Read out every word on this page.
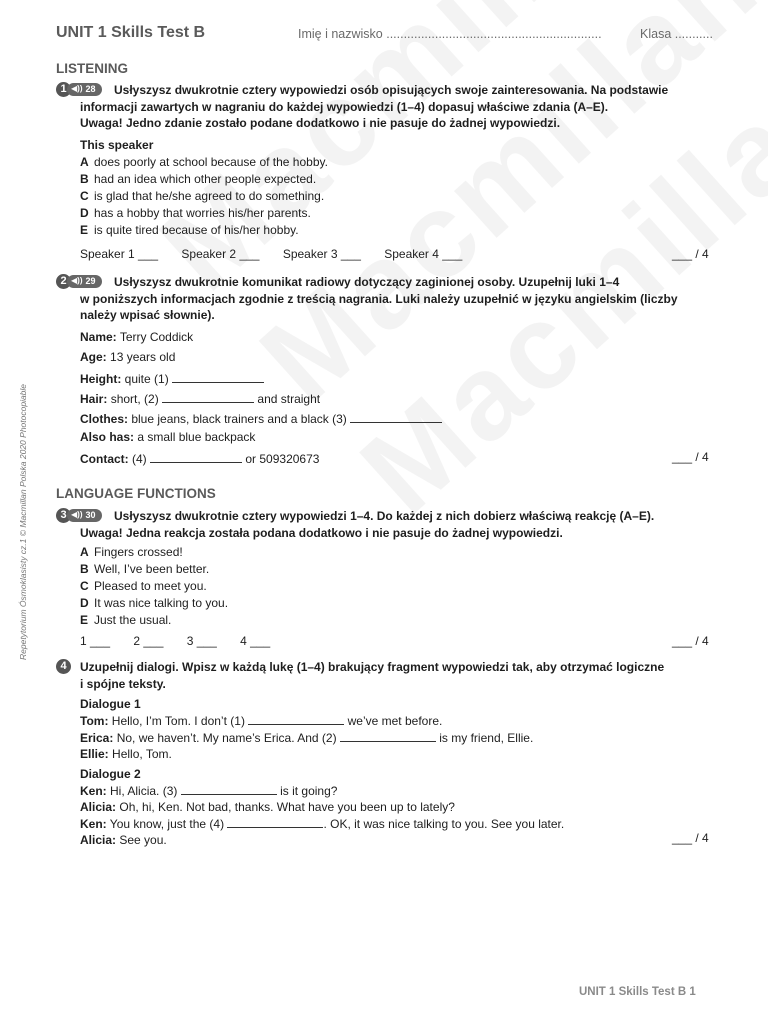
UNIT 1 Skills Test B	Imię i nazwisko ..............................................................	Klasa ...........
LISTENING
1 ◀)) 28 Usłyszysz dwukrotnie cztery wypowiedzi osób opisujących swoje zainteresowania. Na podstawie
informacji zawartych w nagraniu do każdej wypowiedzi (1–4) dopasuj właściwe zdania (A–E).
Uwaga! Jedno zdanie zostało podane dodatkowo i nie pasuje do żadnej wypowiedzi.
This speaker
A does poorly at school because of the hobby.
B had an idea which other people expected.
C is glad that he/she agreed to do something.
D has a hobby that worries his/her parents.
E is quite tired because of his/her hobby.
Speaker 1 ___ Speaker 2 ___ Speaker 3 ___ Speaker 4 ___	___ / 4
2 ◀)) 29 Usłyszysz dwukrotnie komunikat radiowy dotyczący zaginionej osoby. Uzupełnij luki 1–4
w poniższych informacjach zgodnie z treścią nagrania. Luki należy uzupełnić w języku angielskim (liczby
należy wpisać słownie).
Name: Terry Coddick
Age: 13 years old
Height: quite (1)
Hair: short, (2)	and straight
Clothes: blue jeans, black trainers and a black (3)
Also has: a small blue backpack
Contact: (4)	or 509320673	___ / 4
LANGUAGE FUNCTIONS
3 ◀)) 30 Usłyszysz dwukrotnie cztery wypowiedzi 1–4. Do każdej z nich dobierz właściwą reakcję (A–E).
Uwaga! Jedna reakcja została podana dodatkowo i nie pasuje do żadnej wypowiedzi.
A Fingers crossed!
B Well, I’ve been better.
C Pleased to meet you.
D It was nice talking to you.
E Just the usual.
1 ___ 2 ___ 3 ___ 4 ___	___ / 4
4	Uzupełnij dialogi. Wpisz w każdą lukę (1–4) brakujący fragment wypowiedzi tak, aby otrzymać logiczne
i spójne teksty.
Dialogue 1
Tom: Hello, I’m Tom. I don’t (1)	we’ve met before.
Erica: No, we haven’t. My name’s Erica. And (2)	is my friend, Ellie.
Ellie: Hello, Tom.
Dialogue 2
Ken: Hi, Alicia. (3)	is it going?
Alicia: Oh, hi, Ken. Not bad, thanks. What have you been up to lately?
Ken: You know, just the (4)	. OK, it was nice talking to you. See you later.
Alicia: See you.	___ / 4
Repetytorium Ósmoklasisty cz.1 © Macmillan Polska 2020 Photocopiable
UNIT 1 Skills Test B 1
